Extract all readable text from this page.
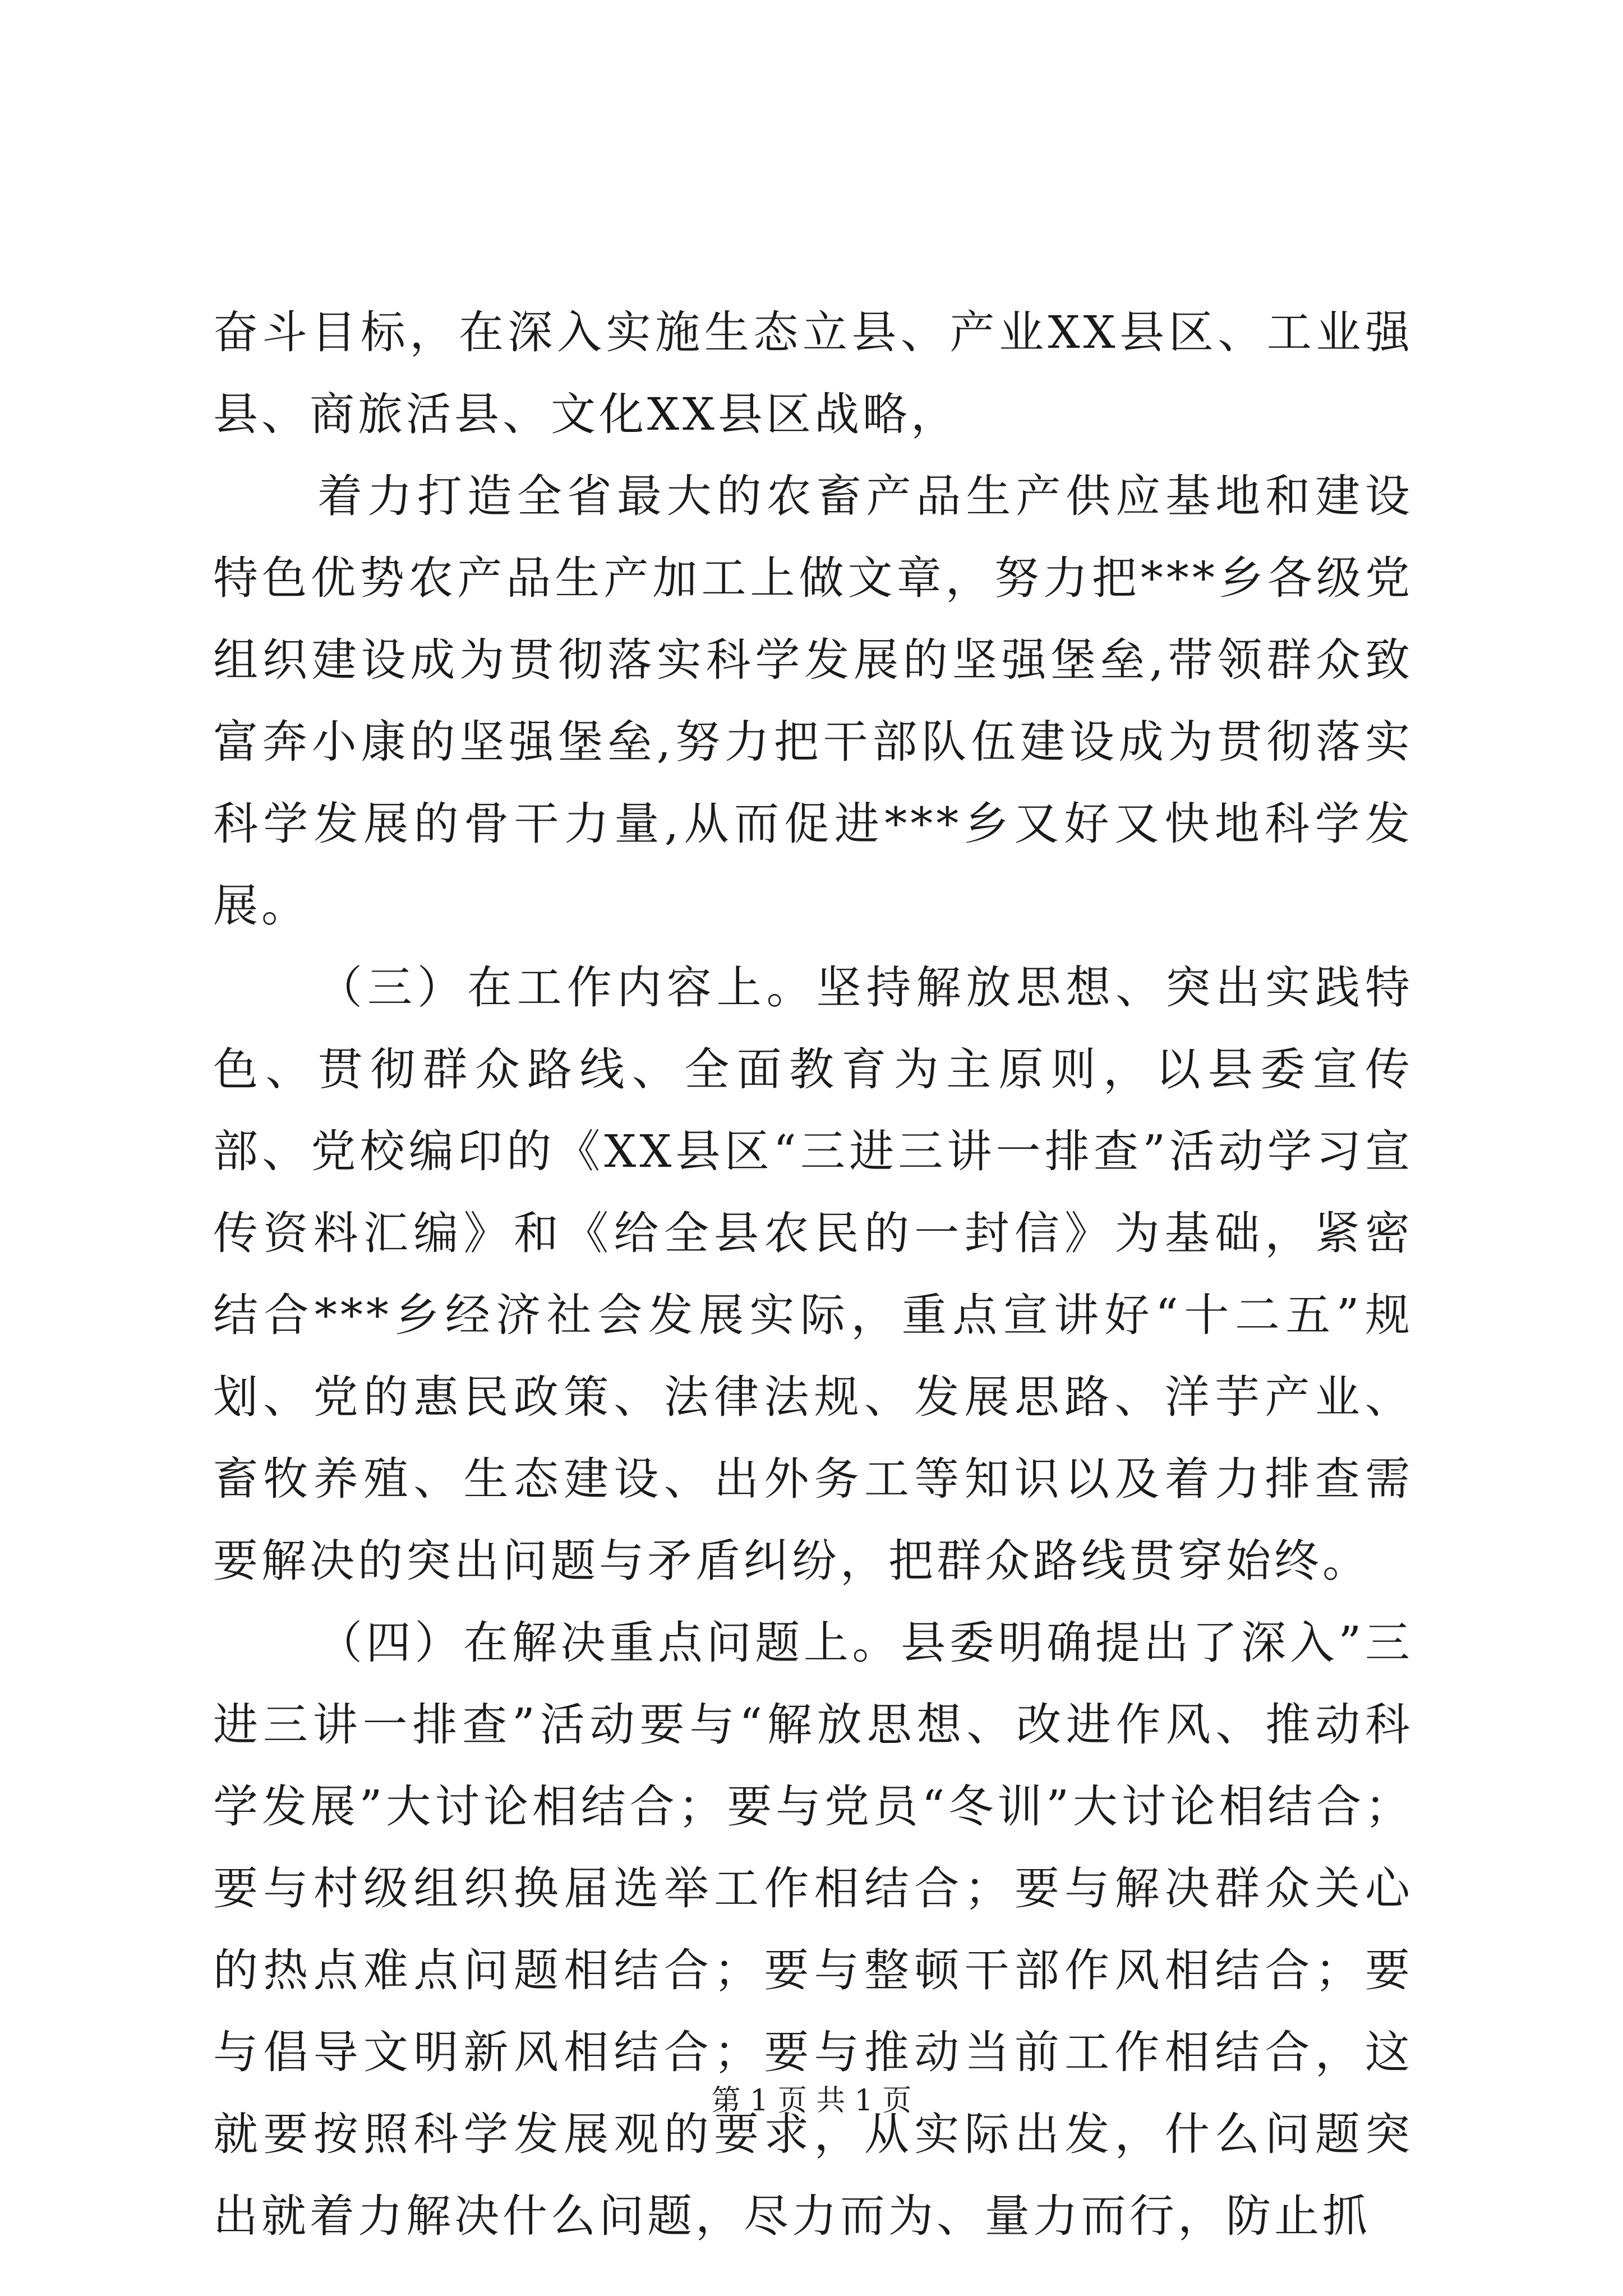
奋斗目标，在深入实施生态立县、产业XX县区、工业强县、商旅活县、文化XX县区战略，

着力打造全省最大的农畜产品生产供应基地和建设特色优势农产品生产加工上做文章，努力把***乡各级党组织建设成为贯彻落实科学发展的坚强堡垒,带领群众致富奔小康的坚强堡垒,努力把干部队伍建设成为贯彻落实科学发展的骨干力量,从而促进***乡又好又快地科学发展。

（三）在工作内容上。坚持解放思想、突出实践特色、贯彻群众路线、全面教育为主原则，以县委宣传部、党校编印的《XX县区“三进三讲一排查”活动学习宣传资料汇编》和《给全县农民的一封信》为基础，紧密结合***乡经济社会发展实际，重点宣讲好“十二五”规划、党的惠民政策、法律法规、发展思路、洋芋产业、畜牧养殖、生态建设、出外务工等知识以及着力排查需要解决的突出问题与矛盾纠纷，把群众路线贯穿始终。

（四）在解决重点问题上。县委明确提出了深入”三进三讲一排查”活动要与“解放思想、改进作风、推动科学发展”大讨论相结合；要与党员“冬训”大讨论相结合；要与村级组织换届选举工作相结合；要与解决群众关心的热点难点问题相结合；要与整顿干部作风相结合；要与倡导文明新风相结合；要与推动当前工作相结合，这就要按照科学发展观的要求，从实际出发，什么问题突出就着力解决什么问题，尽力而为、量力而行，防止抓

第 1 页 共 1 页
